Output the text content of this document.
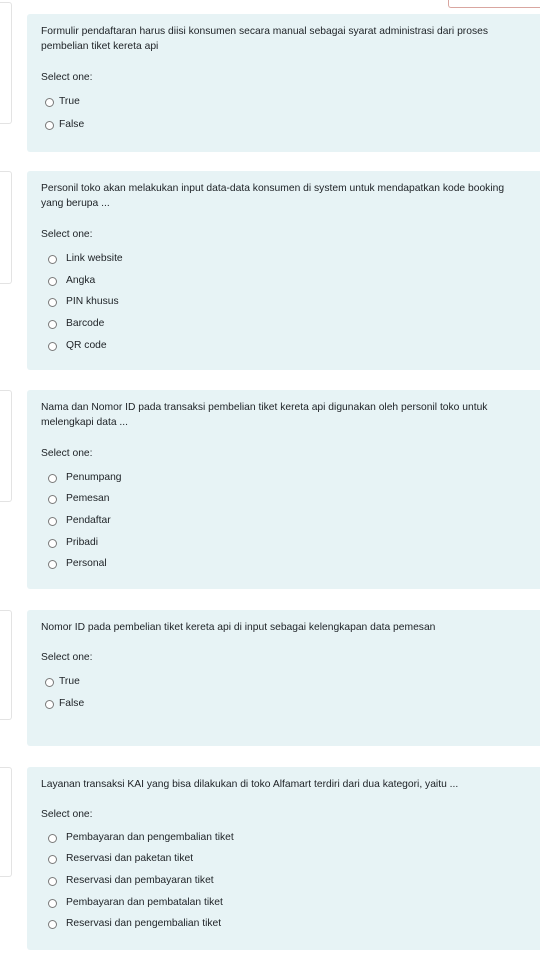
Formulir pendaftaran harus diisi konsumen secara manual sebagai syarat administrasi dari proses pembelian tiket kereta api

Select one:

True
False

Personil toko akan melakukan input data-data konsumen di system untuk mendapatkan kode booking yang berupa ...

Select one:

Link website
Angka
PIN khusus
Barcode
QR code

Nama dan Nomor ID pada transaksi pembelian tiket kereta api digunakan oleh personil toko untuk melengkapi data ...

Select one:

Penumpang
Pemesan
Pendaftar
Pribadi
Personal

Nomor ID pada pembelian tiket kereta api di input sebagai kelengkapan data pemesan

Select one:

True
False

Layanan transaksi KAI yang bisa dilakukan di toko Alfamart terdiri dari dua kategori, yaitu ...

Select one:

Pembayaran dan pengembalian tiket
Reservasi dan paketan tiket
Reservasi dan pembayaran tiket
Pembayaran dan pembatalan tiket
Reservasi dan pengembalian tiket
